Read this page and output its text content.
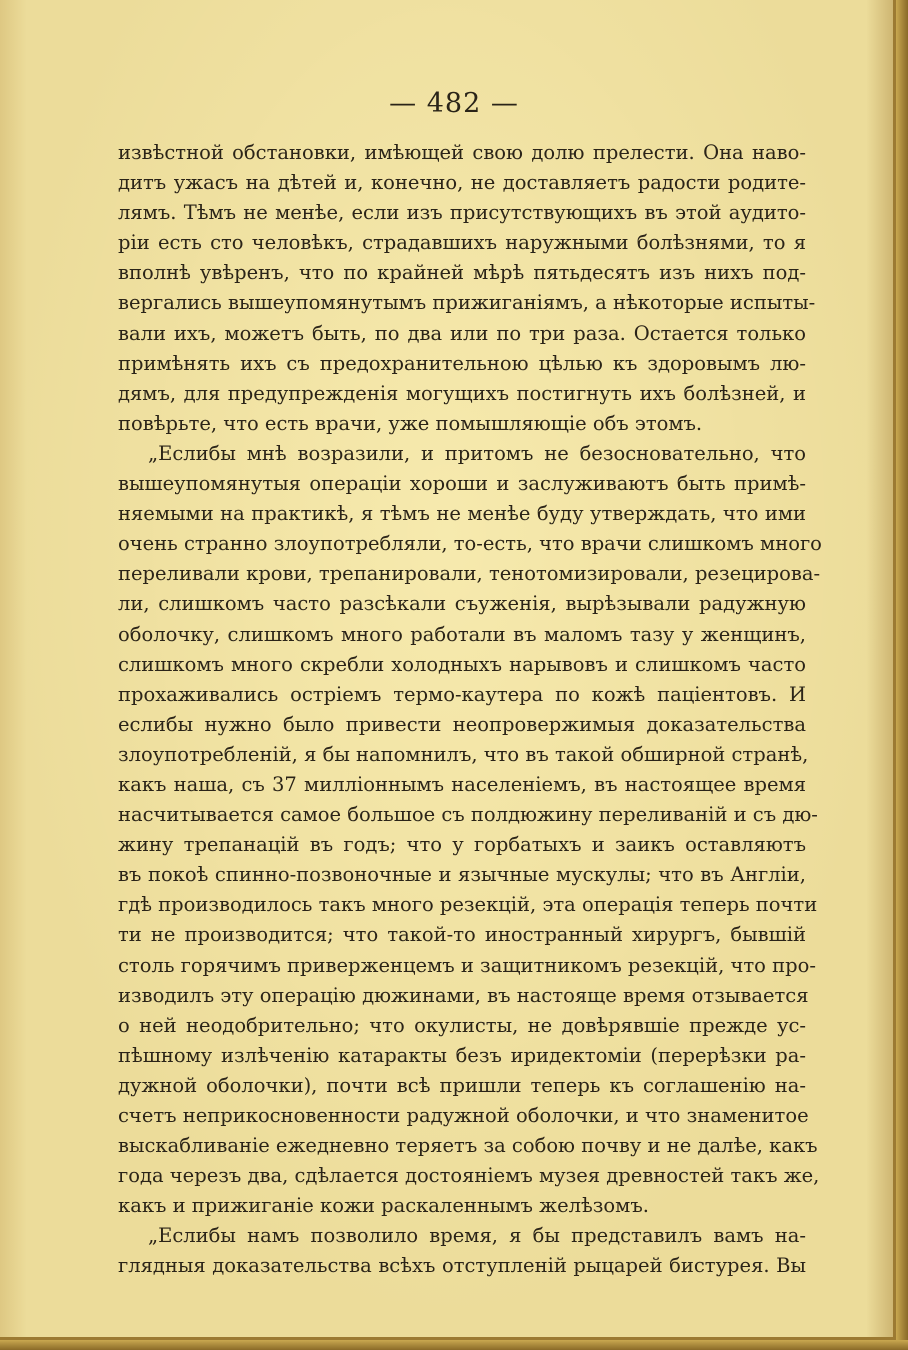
— 482 —
извѣстной обстановки, имѣющей свою долю прелести. Она наво-
дитъ ужасъ на дѣтей и, конечно, не доставляетъ радости родите-
лямъ. Тѣмъ не менѣе, если изъ присутствующихъ въ этой аудито-
ріи есть сто человѣкъ, страдавшихъ наружными болѣзнями, то я
вполнѣ увѣренъ, что по крайней мѣрѣ пятьдесятъ изъ нихъ под-
вергались вышеупомянутымъ прижиганіямъ, а нѣкоторые испыты-
вали ихъ, можетъ быть, по два или по три раза. Остается только
примѣнять ихъ съ предохранительною цѣлью къ здоровымъ лю-
дямъ, для предупрежденія могущихъ постигнуть ихъ болѣзней, и
повѣрьте, что есть врачи, уже помышляющіе объ этомъ.
„Еслибы мнѣ возразили, и притомъ не безосновательно, что
вышеупомянутыя операціи хороши и заслуживаютъ быть примѣ-
няемыми на практикѣ, я тѣмъ не менѣе буду утверждать, что ими
очень странно злоупотребляли, то-есть, что врачи слишкомъ много
переливали крови, трепанировали, тенотомизировали, резецирова-
ли, слишкомъ часто разсѣкали съуженія, вырѣзывали радужную
оболочку, слишкомъ много работали въ маломъ тазу у женщинъ,
слишкомъ много скребли холодныхъ нарывовъ и слишкомъ часто
прохаживались остріемъ термо-каутера по кожѣ паціентовъ. И
еслибы нужно было привести неопровержимыя доказательства
злоупотребленій, я бы напомнилъ, что въ такой обширной странѣ,
какъ наша, съ 37 милліоннымъ населеніемъ, въ настоящее время
насчитывается самое большое съ полдюжину переливаній и съ дю-
жину трепанацій въ годъ; что у горбатыхъ и заикъ оставляютъ
въ покоѣ спинно-позвоночные и язычные мускулы; что въ Англіи,
гдѣ производилось такъ много резекцій, эта операція теперь почти
ти не производится; что такой-то иностранный хирургъ, бывшій
столь горячимъ приверженцемъ и защитникомъ резекцій, что про-
изводилъ эту операцію дюжинами, въ настояще время отзывается
о ней неодобрительно; что окулисты, не довѣрявшіе прежде ус-
пѣшному излѣченію катаракты безъ иридектоміи (перерѣзки ра-
дужной оболочки), почти всѣ пришли теперь къ соглашенію на-
счетъ неприкосновенности радужной оболочки, и что знаменитое
выскабливаніе ежедневно теряетъ за собою почву и не далѣе, какъ
года черезъ два, сдѣлается достояніемъ музея древностей такъ же,
какъ и прижиганіе кожи раскаленнымъ желѣзомъ.
„Еслибы намъ позволило время, я бы представилъ вамъ на-
глядныя доказательства всѣхъ отступленій рыцарей бистурея. Вы
